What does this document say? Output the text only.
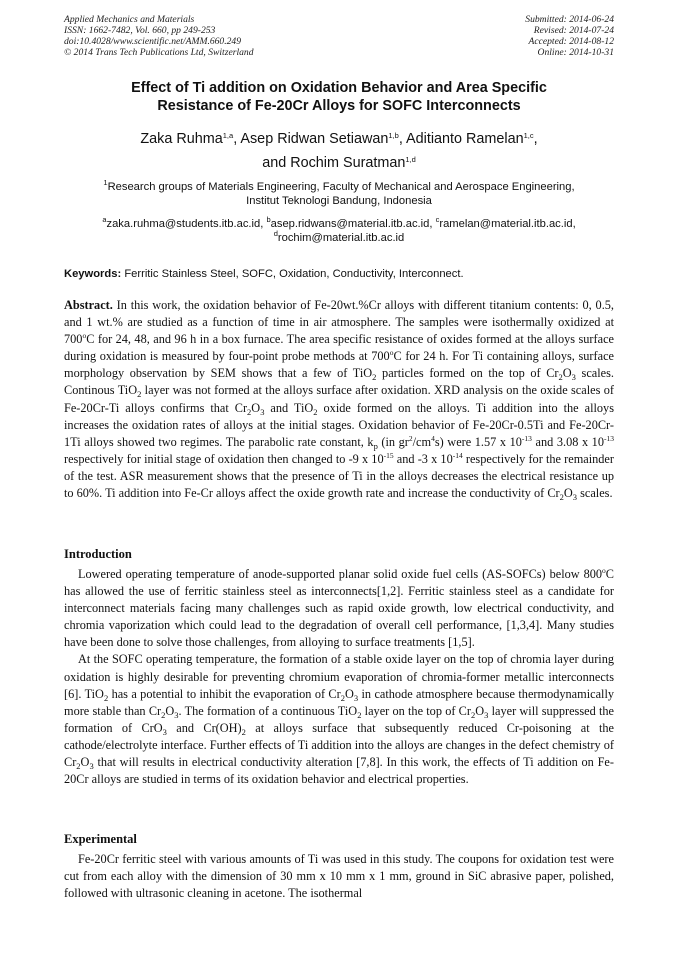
Applied Mechanics and Materials
ISSN: 1662-7482, Vol. 660, pp 249-253
doi:10.4028/www.scientific.net/AMM.660.249
© 2014 Trans Tech Publications Ltd, Switzerland
Submitted: 2014-06-24
Revised: 2014-07-24
Accepted: 2014-08-12
Online: 2014-10-31
Effect of Ti addition on Oxidation Behavior and Area Specific
Resistance of Fe-20Cr Alloys for SOFC Interconnects
Zaka Ruhma$^{1,a}$, Asep Ridwan Setiawan$^{1,b}$, Aditianto Ramelan$^{1,c}$,
and Rochim Suratman$^{1,d}$
$^1$Research groups of Materials Engineering, Faculty of Mechanical and Aerospace Engineering,
Institut Teknologi Bandung, Indonesia
$^a$zaka.ruhma@students.itb.ac.id, $^b$asep.ridwans@material.itb.ac.id, $^c$ramelan@material.itb.ac.id,
$^d$rochim@material.itb.ac.id
Keywords: Ferritic Stainless Steel, SOFC, Oxidation, Conductivity, Interconnect.
Abstract. In this work, the oxidation behavior of Fe-20wt.%Cr alloys with different titanium contents: 0, 0.5, and 1 wt.% are studied as a function of time in air atmosphere. The samples were isothermally oxidized at 700$^o$C for 24, 48, and 96 h in a box furnace. The area specific resistance of oxides formed at the alloys surface during oxidation is measured by four-point probe methods at 700$^o$C for 24 h. For Ti containing alloys, surface morphology observation by SEM shows that a few of TiO$_2$ particles formed on the top of $Cr_2O_3$ scales. Continous TiO$_2$ layer was not formed at the alloys surface after oxidation. XRD analysis on the oxide scales of Fe-20Cr-Ti alloys confirms that $Cr_2O_3$ and TiO$_2$ oxide formed on the alloys. Ti addition into the alloys increases the oxidation rates of alloys at the initial stages. Oxidation behavior of Fe-20Cr-0.5Ti and Fe-20Cr-1Ti alloys showed two regimes. The parabolic rate constant, $k_p$ (in $gr^2/cm^4s$) were 1.57 x $10^{-13}$ and 3.08 x $10^{-13}$ respectively for initial stage of oxidation then changed to -9 x $10^{-15}$ and -3 x $10^{-14}$ respectively for the remainder of the test. ASR measurement shows that the presence of Ti in the alloys decreases the electrical resistance up to 60%. Ti addition into Fe-Cr alloys affect the oxide growth rate and increase the conductivity of $Cr_2O_3$ scales.
Introduction

Lowered operating temperature of anode-supported planar solid oxide fuel cells (AS-SOFCs) below 800$^o$C has allowed the use of ferritic stainless steel as interconnects[1,2]. Ferritic stainless steel as a candidate for interconnect materials facing many challenges such as rapid oxide growth, low electrical conductivity, and chromia vaporization which could lead to the degradation of overall cell performance, [1,3,4]. Many studies have been done to solve those challenges, from alloying to surface treatments [1,5].

At the SOFC operating temperature, the formation of a stable oxide layer on the top of chromia layer during oxidation is highly desirable for preventing chromium evaporation of chromia-former metallic interconnects [6]. TiO$_2$ has a potential to inhibit the evaporation of $Cr_2O_3$ in cathode atmosphere because thermodynamically more stable than $Cr_2O_3$. The formation of a continuous TiO$_2$ layer on the top of $Cr_2O_3$ layer will suppressed the formation of CrO$_3$ and $Cr(OH)_2$ at alloys surface that subsequently reduced Cr-poisoning at the cathode/electrolyte interface. Further effects of Ti addition into the alloys are changes in the defect chemistry of $Cr_2O_3$ that will results in electrical conductivity alteration [7,8]. In this work, the effects of Ti addition on Fe-20Cr alloys are studied in terms of its oxidation behavior and electrical properties.

Experimental

Fe-20Cr ferritic steel with various amounts of Ti was used in this study. The coupons for oxidation test were cut from each alloy with the dimension of 30 mm x 10 mm x 1 mm, ground in SiC abrasive paper, polished, followed with ultrasonic cleaning in acetone. The isothermal
